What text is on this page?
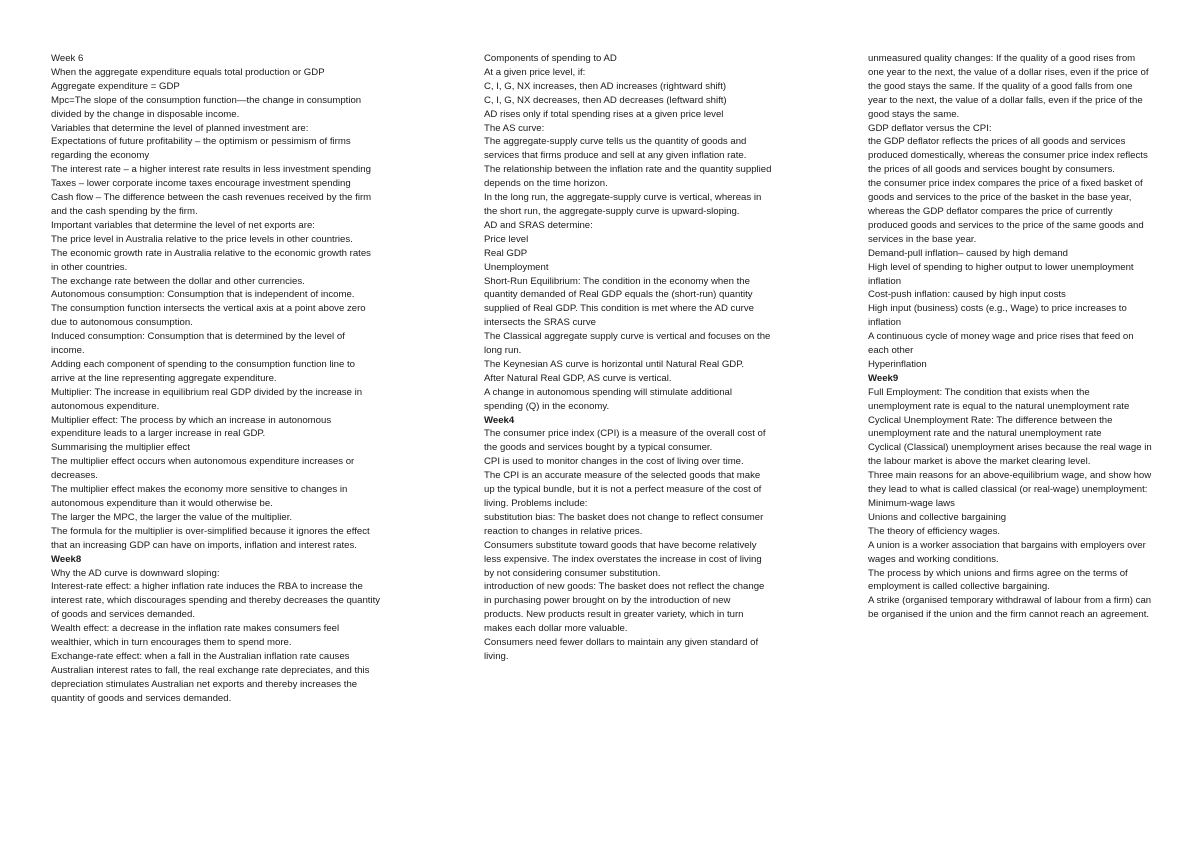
Week 6
When the aggregate expenditure equals total production or GDP
Aggregate expenditure = GDP
Mpc=The slope of the consumption function—the change in consumption divided by the change in disposable income.
Variables that determine the level of planned investment are:
Expectations of future profitability – the optimism or pessimism of firms regarding the economy
The interest rate – a higher interest rate results in less investment spending
Taxes – lower corporate income taxes encourage investment spending
Cash flow – The difference between the cash revenues received by the firm and the cash spending by the firm.
Important variables that determine the level of net exports are:
The price level in Australia relative to the price levels in other countries.
The economic growth rate in Australia relative to the economic growth rates in other countries.
The exchange rate between the dollar and other currencies.
Autonomous consumption: Consumption that is independent of income.
The consumption function intersects the vertical axis at a point above zero due to autonomous consumption.
Induced consumption: Consumption that is determined by the level of income.
Adding each component of spending to the consumption function line to arrive at the line representing aggregate expenditure.
Multiplier: The increase in equilibrium real GDP divided by the increase in autonomous expenditure.
Multiplier effect: The process by which an increase in autonomous expenditure leads to a larger increase in real GDP.
Summarising the multiplier effect
The multiplier effect occurs when autonomous expenditure increases or decreases.
The multiplier effect makes the economy more sensitive to changes in autonomous expenditure than it would otherwise be.
The larger the MPC, the larger the value of the multiplier.
The formula for the multiplier is over-simplified because it ignores the effect that an increasing GDP can have on imports, inflation and interest rates.
Week8
Why the AD curve is downward sloping:
Interest-rate effect: a higher inflation rate induces the RBA to increase the interest rate, which discourages spending and thereby decreases the quantity of goods and services demanded.
Wealth effect: a decrease in the inflation rate makes consumers feel wealthier, which in turn encourages them to spend more.
Exchange-rate effect: when a fall in the Australian inflation rate causes Australian interest rates to fall, the real exchange rate depreciates, and this depreciation stimulates Australian net exports and thereby increases the quantity of goods and services demanded.
Components of spending to AD
At a given price level, if:
C, I, G, NX increases, then AD increases (rightward shift)
C, I, G, NX decreases, then AD decreases (leftward shift)
AD rises only if total spending rises at a given price level
The AS curve:
The aggregate-supply curve tells us the quantity of goods and services that firms produce and sell at any given inflation rate.
The relationship between the inflation rate and the quantity supplied depends on the time horizon.
In the long run, the aggregate-supply curve is vertical, whereas in the short run, the aggregate-supply curve is upward-sloping.
AD and SRAS determine:
Price level
Real GDP
Unemployment
Short-Run Equilibrium: The condition in the economy when the quantity demanded of Real GDP equals the (short-run) quantity supplied of Real GDP. This condition is met where the AD curve intersects the SRAS curve
The Classical aggregate supply curve is vertical and focuses on the long run.
The Keynesian AS curve is horizontal until Natural Real GDP.
After Natural Real GDP, AS curve is vertical.
A change in autonomous spending will stimulate additional spending (Q) in the economy.
Week4
The consumer price index (CPI) is a measure of the overall cost of the goods and services bought by a typical consumer.
CPI is used to monitor changes in the cost of living over time.
The CPI is an accurate measure of the selected goods that make up the typical bundle, but it is not a perfect measure of the cost of living. Problems include:
substitution bias: The basket does not change to reflect consumer reaction to changes in relative prices.
Consumers substitute toward goods that have become relatively less expensive. The index overstates the increase in cost of living by not considering consumer substitution.
introduction of new goods: The basket does not reflect the change in purchasing power brought on by the introduction of new products. New products result in greater variety, which in turn makes each dollar more valuable.
Consumers need fewer dollars to maintain any given standard of living.
unmeasured quality changes: If the quality of a good rises from one year to the next, the value of a dollar rises, even if the price of the good stays the same. If the quality of a good falls from one year to the next, the value of a dollar falls, even if the price of the good stays the same.
GDP deflator versus the CPI:
the GDP deflator reflects the prices of all goods and services produced domestically, whereas the consumer price index reflects the prices of all goods and services bought by consumers.
the consumer price index compares the price of a fixed basket of goods and services to the price of the basket in the base year, whereas the GDP deflator compares the price of currently produced goods and services to the price of the same goods and services in the base year.
Demand-pull inflation– caused by high demand
High level of spending to higher output to lower unemployment   inflation
Cost-push inflation: caused by high input costs
High input (business) costs (e.g., Wage) to price increases to inflation
A continuous cycle of money wage and price rises that feed on each other
Hyperinflation
Week9
Full Employment: The condition that exists when the unemployment rate is equal to the natural unemployment rate
Cyclical Unemployment Rate: The difference between the unemployment rate and the natural unemployment rate
Cyclical (Classical) unemployment arises because the real wage in the labour market is above the market clearing level.
Three main reasons for an above-equilibrium wage, and show how they lead to what is called classical (or real-wage) unemployment:
Minimum-wage laws
Unions and collective bargaining
The theory of efficiency wages.
A union is a worker association that bargains with employers over wages and working conditions.
The process by which unions and firms agree on the terms of employment is called collective bargaining.
A strike (organised temporary withdrawal of labour from a firm) can be organised if the union and the firm cannot reach an agreement.
